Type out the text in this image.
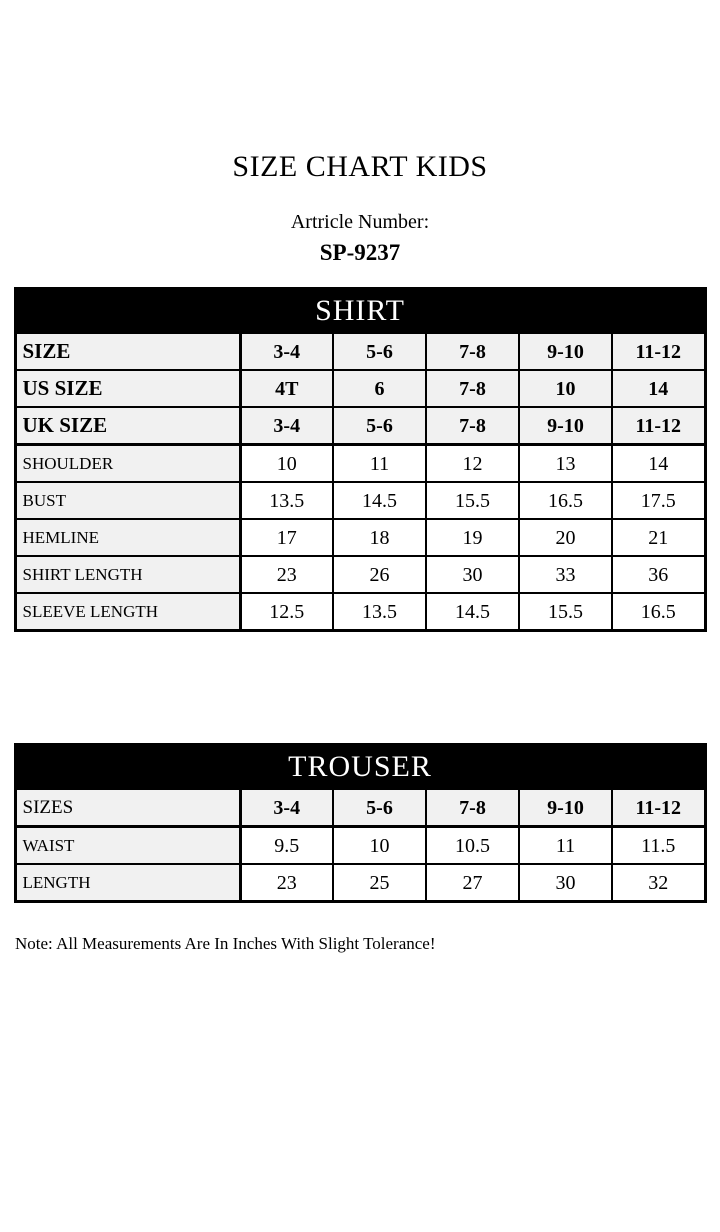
SIZE CHART KIDS
Artricle Number:
SP-9237
SHIRT					
SIZE	3-4	5-6	7-8	9-10	11-12
US SIZE	4T	6	7-8	10	14
UK SIZE	3-4	5-6	7-8	9-10	11-12
SHOULDER	10	11	12	13	14
BUST	13.5	14.5	15.5	16.5	17.5
HEMLINE	17	18	19	20	21
SHIRT LENGTH	23	26	30	33	36
SLEEVE LENGTH	12.5	13.5	14.5	15.5	16.5
TROUSER					
SIZES	3-4	5-6	7-8	9-10	11-12
WAIST	9.5	10	10.5	11	11.5
LENGTH	23	25	27	30	32

Note: All Measurements Are In Inches With Slight Tolerance!
